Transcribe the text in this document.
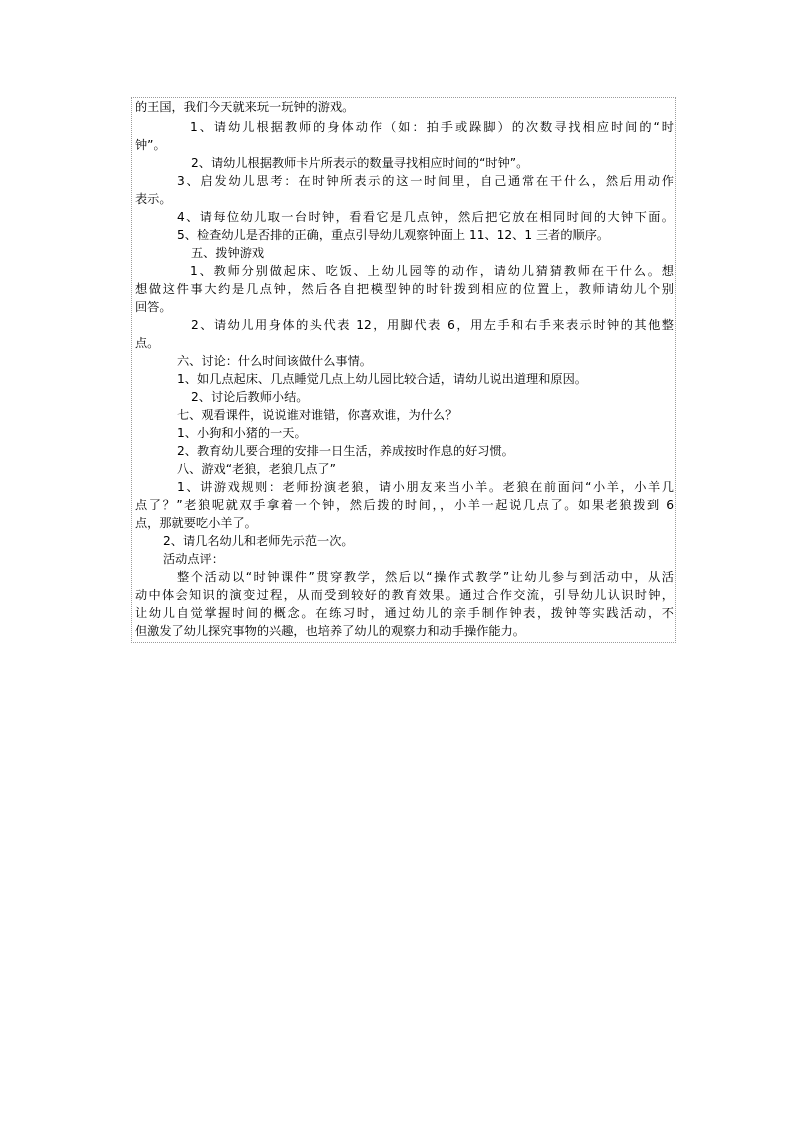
的王国，我们今天就来玩一玩钟的游戏。
1、请幼儿根据教师的身体动作（如：拍手或跺脚）的次数寻找相应时间的“时
钟”。
2、请幼儿根据教师卡片所表示的数量寻找相应时间的“时钟”。
3、启发幼儿思考：在时钟所表示的这一时间里，自己通常在干什么，然后用动作
表示。
4、请每位幼儿取一台时钟，看看它是几点钟，然后把它放在相同时间的大钟下面。
5、检查幼儿是否排的正确，重点引导幼儿观察钟面上 11、12、1 三者的顺序。
五、拨钟游戏
1、教师分别做起床、吃饭、上幼儿园等的动作，请幼儿猜猜教师在干什么。想
想做这件事大约是几点钟，然后各自把模型钟的时针拨到相应的位置上，教师请幼儿个别
回答。
2、请幼儿用身体的头代表 12，用脚代表 6，用左手和右手来表示时钟的其他整
点。
六、讨论：什么时间该做什么事情。
1、如几点起床、几点睡觉几点上幼儿园比较合适，请幼儿说出道理和原因。
2、讨论后教师小结。
七、观看课件，说说谁对谁错，你喜欢谁，为什么？
1、小狗和小猪的一天。
2、教育幼儿要合理的安排一日生活，养成按时作息的好习惯。
八、游戏“老狼，老狼几点了”
1、讲游戏规则：老师扮演老狼，请小朋友来当小羊。老狼在前面问“小羊，小羊几
点了？”老狼呢就双手拿着一个钟，然后拨的时间，，小羊一起说几点了。如果老狼拨到 6
点，那就要吃小羊了。
2、请几名幼儿和老师先示范一次。
活动点评：
整个活动以“时钟课件”贯穿教学，然后以“操作式教学”让幼儿参与到活动中，从活
动中体会知识的演变过程，从而受到较好的教育效果。通过合作交流，引导幼儿认识时钟，
让幼儿自觉掌握时间的概念。在练习时，通过幼儿的亲手制作钟表，拨钟等实践活动，不
但激发了幼儿探究事物的兴趣，也培养了幼儿的观察力和动手操作能力。
